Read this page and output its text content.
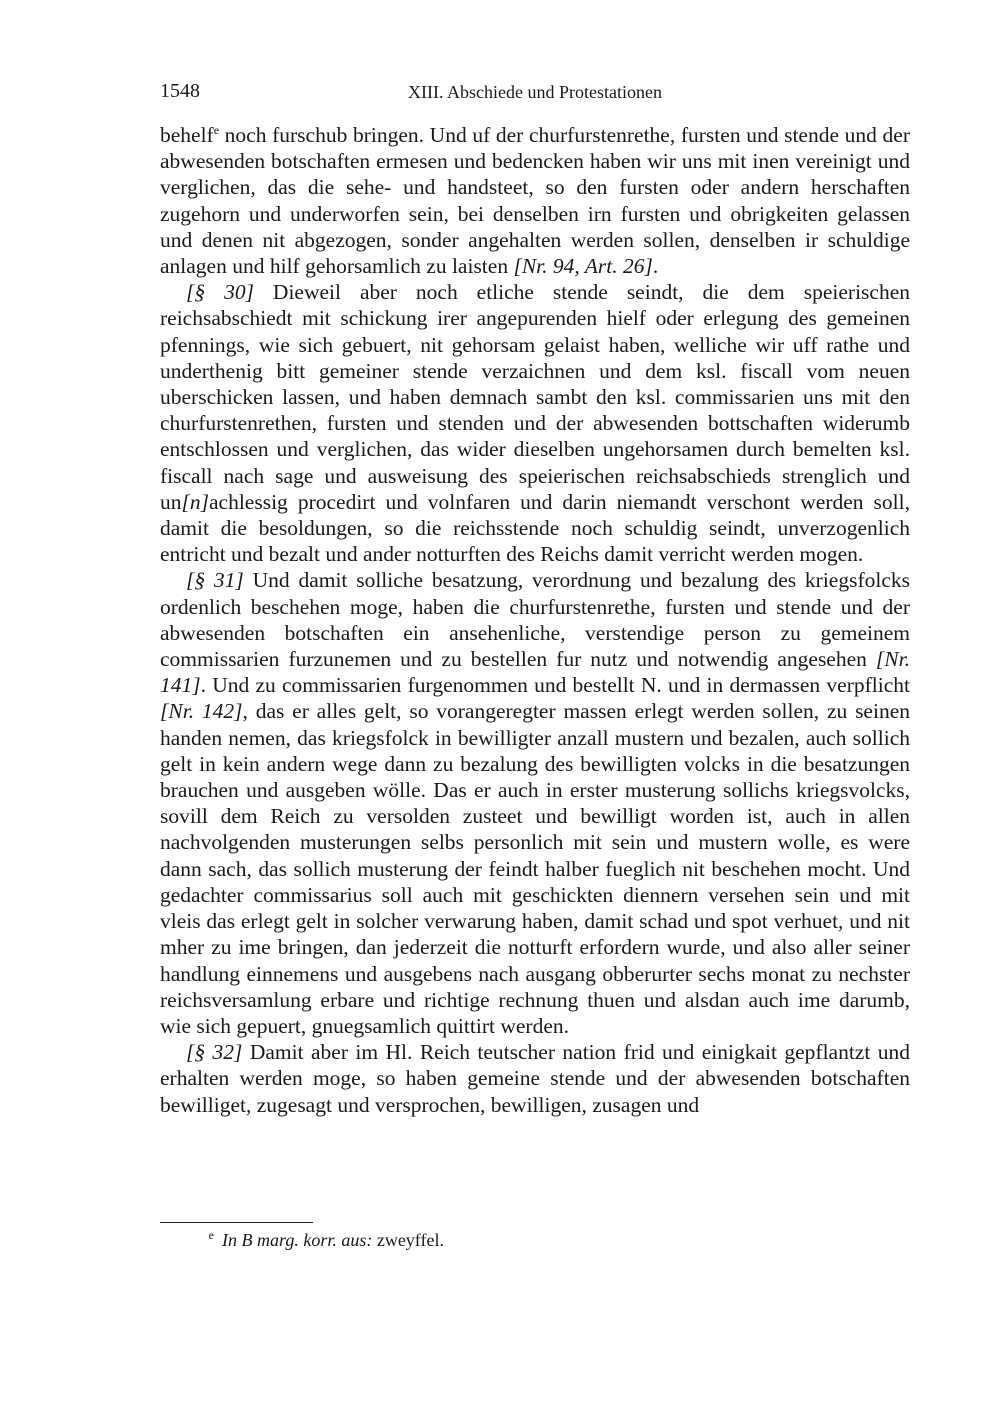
1548	XIII. Abschiede und Protestationen

behelf$^e$ noch furschub bringen. Und uf der churfurstenrethe, fursten und stende und der abwesenden botschaften ermesen und bedencken haben wir uns mit inen vereinigt und verglichen, das die sehe- und handsteet, so den fursten oder andern herschaften zugehorn und underworfen sein, bei denselben irn fursten und obrigkeiten gelassen und denen nit abgezogen, sonder angehalten werden sollen, denselben ir schuldige anlagen und hilf gehorsamlich zu laisten [Nr. 94, Art. 26].

[§ 30] Dieweil aber noch etliche stende seindt, die dem speierischen reichsabschiedt mit schickung irer angepurenden hielf oder erlegung des gemeinen pfennings, wie sich gebuert, nit gehorsam gelaist haben, welliche wir uff rathe und underthenig bitt gemeiner stende verzaichnen und dem ksl. fiscall vom neuen uberschicken lassen, und haben demnach sambt den ksl. commissarien uns mit den churfurstenrethen, fursten und stenden und der abwesenden bottschaften widerumb entschlossen und verglichen, das wider dieselben ungehorsamen durch bemelten ksl. fiscall nach sage und ausweisung des speierischen reichsabschieds strenglich und un[n]achlessig procedirt und volnfaren und darin niemandt verschont werden soll, damit die besoldungen, so die reichsstende noch schuldig seindt, unverzogenlich entricht und bezalt und ander notturften des Reichs damit verricht werden mogen.

[§ 31] Und damit solliche besatzung, verordnung und bezalung des kriegsfolcks ordenlich beschehen moge, haben die churfurstenrethe, fursten und stende und der abwesenden botschaften ein ansehenliche, verstendige person zu gemeinem commissarien furzunemen und zu bestellen fur nutz und notwendig angesehen [Nr. 141]. Und zu commissarien furgenommen und bestellt N. und in dermassen verpflicht [Nr. 142], das er alles gelt, so vorangeregter massen erlegt werden sollen, zu seinen handen nemen, das kriegsfolck in bewilligter anzall mustern und bezalen, auch sollich gelt in kein andern wege dann zu bezalung des bewilligten volcks in die besatzungen brauchen und ausgeben wölle. Das er auch in erster musterung sollichs kriegsvolcks, sovill dem Reich zu versolden zusteet und bewilligt worden ist, auch in allen nachvolgenden musterungen selbs personlich mit sein und mustern wolle, es were dann sach, das sollich musterung der feindt halber fueglich nit beschehen mocht. Und gedachter commissarius soll auch mit geschickten diennern versehen sein und mit vleis das erlegt gelt in solcher verwarung haben, damit schad und spot verhuet, und nit mher zu ime bringen, dan jederzeit die notturft erfordern wurde, und also aller seiner handlung einnemens und ausgebens nach ausgang obberurter sechs monat zu nechster reichsversamlung erbare und richtige rechnung thuen und alsdan auch ime darumb, wie sich gepuert, gnuegsamlich quittirt werden.

[§ 32] Damit aber im Hl. Reich teutscher nation frid und einigkait gepflantzt und erhalten werden moge, so haben gemeine stende und der abwesenden botschaften bewilliget, zugesagt und versprochen, bewilligen, zusagen und

e In B marg. korr. aus: zweyffel.
